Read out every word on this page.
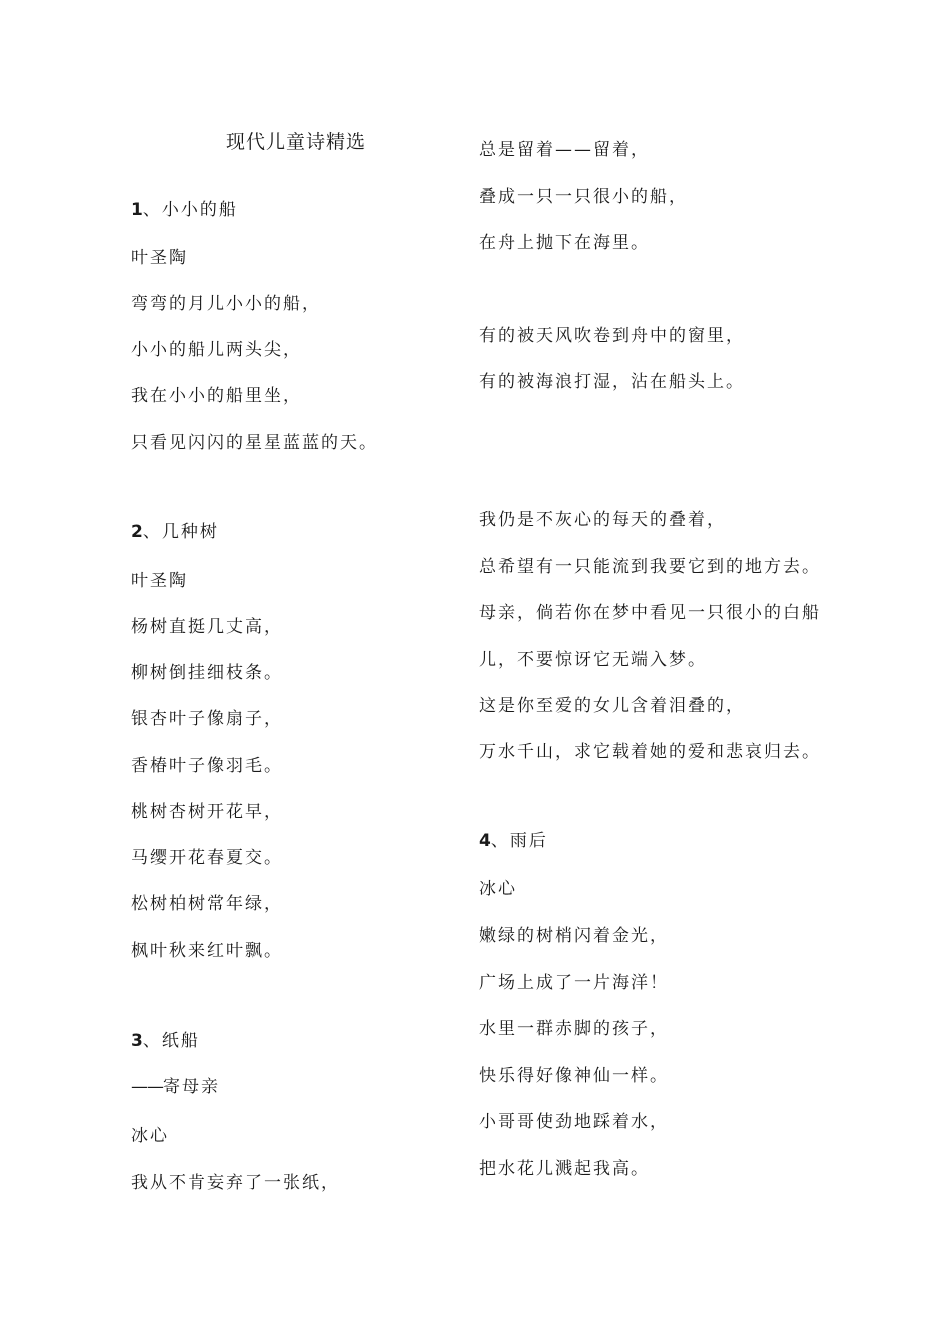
现代儿童诗精选
1、小小的船
叶圣陶
弯弯的月儿小小的船，
小小的船儿两头尖，
我在小小的船里坐，
只看见闪闪的星星蓝蓝的天。
2、几种树
叶圣陶
杨树直挺几丈高，
柳树倒挂细枝条。
银杏叶子像扇子，
香椿叶子像羽毛。
桃树杏树开花早，
马缨开花春夏交。
松树柏树常年绿，
枫叶秋来红叶飘。
3、纸船
——寄母亲
冰心
我从不肯妄弃了一张纸，
总是留着——留着，
叠成一只一只很小的船，
在舟上抛下在海里。
有的被天风吹卷到舟中的窗里，
有的被海浪打湿，沾在船头上。
我仍是不灰心的每天的叠着，
总希望有一只能流到我要它到的地方去。
母亲，倘若你在梦中看见一只很小的白船
儿，不要惊讶它无端入梦。
这是你至爱的女儿含着泪叠的，
万水千山，求它载着她的爱和悲哀归去。
4、雨后
冰心
嫩绿的树梢闪着金光，
广场上成了一片海洋！
水里一群赤脚的孩子，
快乐得好像神仙一样。
小哥哥使劲地踩着水，
把水花儿溅起我高。
